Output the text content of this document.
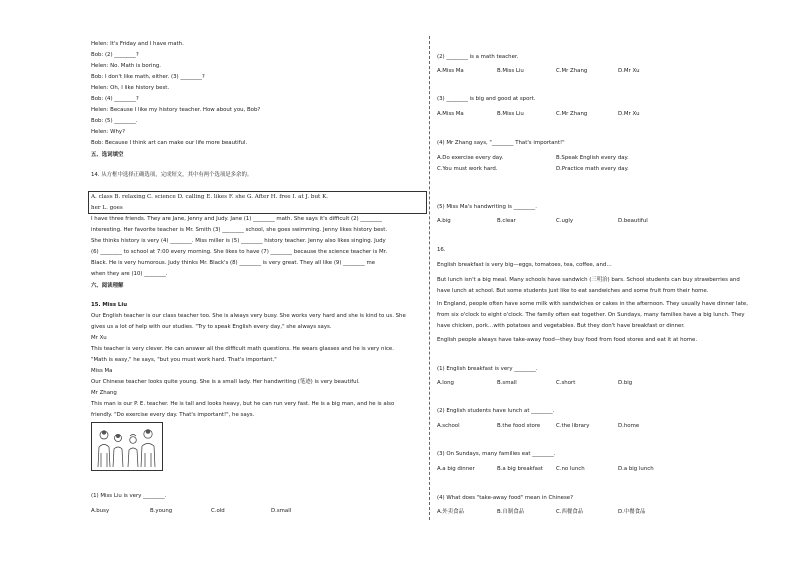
Helen: It's Friday and I have math.
Bob: (2) ________?
Helen: No. Math is boring.
Bob: I don't like math, either. (3) ________?
Helen: Oh, I like history best.
Bob: (4) ________?
Helen: Because I like my history teacher. How about you, Bob?
Bob: (5) ________.
Helen: Why?
Bob: Because I think art can make our life more beautiful.
五、选词填空
14. 从方框中选择正确选项，完成短文，其中有两个选项是多余的。
A. class B. relaxing C. science D. calling E. likes F. she G. After H. free I. at J. but K.
her L. goes
I have three friends. They are Jane, Jenny and Judy. Jane (1) ________ math. She says it's difficult (2) ________
interesting. Her favorite teacher is Mr. Smith (3) ________ school, she goes swimming. Jenny likes history best.
She thinks history is very (4) ________. Miss miller is (5) ________ history teacher. Jenny also likes singing. Judy
(6) ________ to school at 7:00 every morning. She likes to have (7) ________ because the science teacher is Mr.
Black. He is very humorous. Judy thinks Mr. Black's (8) ________ is very great. They all like (9) ________ me
when they are (10) ________.
六、阅读理解
15. Miss Liu
Our English teacher is our class teacher too. She is always very busy. She works very hard and she is kind to us. She
gives us a lot of help with our studies. "Try to speak English every day," she always says.
Mr Xu
This teacher is very clever. He can answer all the difficult math questions. He wears glasses and he is very nice.
"Math is easy," he says, "but you must work hard. That's important."
Miss Ma
Our Chinese teacher looks quite young. She is a small lady. Her handwriting (笔迹) is very beautiful.
Mr Zhang
This man is our P. E. teacher. He is tall and looks heavy, but he can run very fast. He is a big man, and he is also
friendly. "Do exercise every day. That's important!", he says.
(1) Miss Liu is very ________.
A.busy	B.young	C.old	D.small
(2) ________ is a math teacher.
A.Miss Ma	B.Miss Liu	C.Mr Zhang	D.Mr Xu
(3) ________ is big and good at sport.
A.Miss Ma	B.Miss Liu	C.Mr Zhang	D.Mr Xu
(4) Mr Zhang says, "________ That's important!"
A.Do exercise every day.	B.Speak English every day.
C.You must work hard.	D.Practice math every day.
(5) Miss Ma's handwriting is ________.
A.big	B.clear	C.ugly	D.beautiful
16.
English breakfast is very big—eggs, tomatoes, tea, coffee, and…
But lunch isn't a big meal. Many schools have sandwich (三明治) bars. School students can buy strawberries and
have lunch at school. But some students just like to eat sandwiches and some fruit from their home.
In England, people often have some milk with sandwiches or cakes in the afternoon. They usually have dinner late,
from six o'clock to eight o'clock. The family often eat together. On Sundays, many families have a big lunch. They
have chicken, pork…with potatoes and vegetables. But they don't have breakfast or dinner.
English people always have take-away food—they buy food from food stores and eat it at home.
(1) English breakfast is very ________.
A.long	B.small	C.short	D.big
(2) English students have lunch at ________.
A.school	B.the food store	C.the library	D.home
(3) On Sundays, many families eat ________.
A.a big dinner	B.a big breakfast C.no lunch	D.a big lunch
(4) What does "take-away food" mean in Chinese?
A.外卖食品	B.自制食品	C.西餐食品	D.中餐食品
